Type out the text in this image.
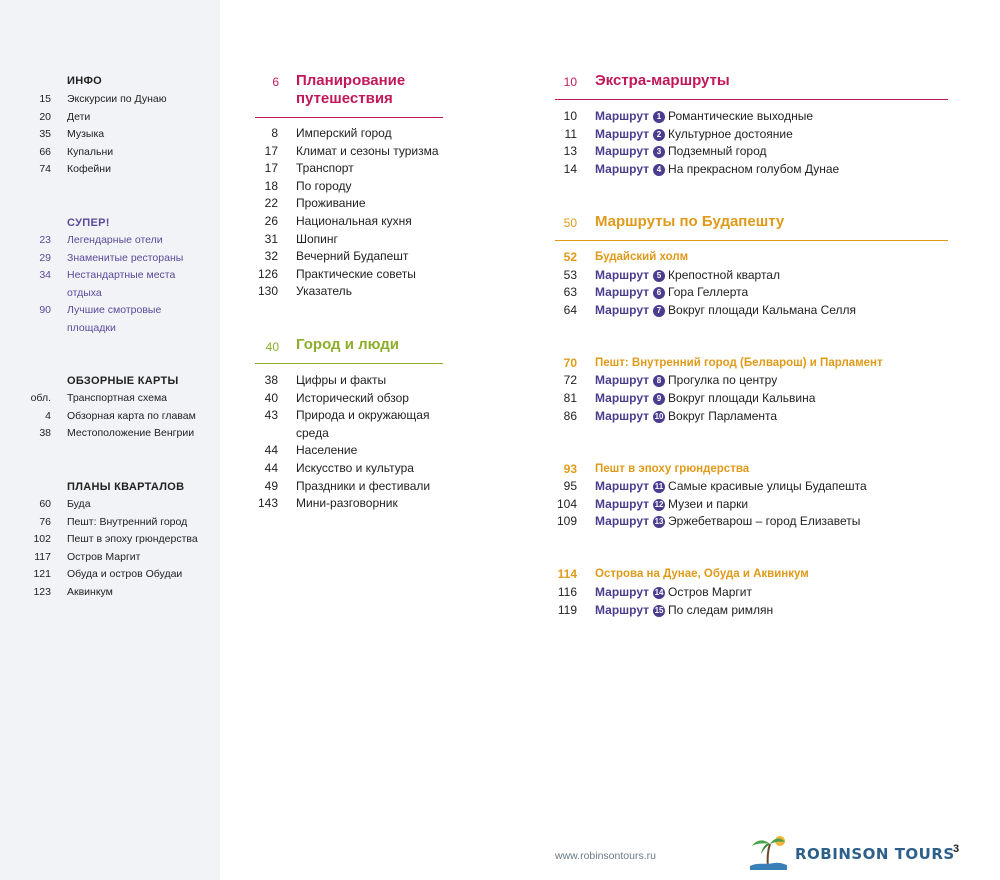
ИНФО
15 Экскурсии по Дунаю
20 Дети
35 Музыка
66 Купальни
74 Кофейни
СУПЕР!
23 Легендарные отели
29 Знаменитые рестораны
34 Нестандартные места отдыха
90 Лучшие смотровые площадки
ОБЗОРНЫЕ КАРТЫ
обл. Транспортная схема
4 Обзорная карта по главам
38 Местоположение Венгрии
ПЛАНЫ КВАРТАЛОВ
60 Буда
76 Пешт: Внутренний город
102 Пешт в эпоху грюндерства
117 Остров Маргит
121 Обуда и остров Обудаи
123 Аквинкум
6 Планирование путешествия
8 Имперский город
17 Климат и сезоны туризма
17 Транспорт
18 По городу
22 Проживание
26 Национальная кухня
31 Шопинг
32 Вечерний Будапешт
126 Практические советы
130 Указатель
40 Город и люди
38 Цифры и факты
40 Исторический обзор
43 Природа и окружающая
среда
44 Население
44 Искусство и культура
49 Праздники и фестивали
143 Мини-разговорник
10 Экстра-маршруты
10 Маршрут 1 Романтические выходные
11 Маршрут 2 Культурное достояние
13 Маршрут 3 Подземный город
14 Маршрут 4 На прекрасном голубом Дунае
50 Маршруты по Будапешту
52 Будайский холм
53 Маршрут 5 Крепостной квартал
63 Маршрут 6 Гора Геллерта
64 Маршрут 7 Вокруг площади Кальмана Селля
70 Пешт: Внутренний город (Белварош) и Парламент
72 Маршрут 8 Прогулка по центру
81 Маршрут 9 Вокруг площади Кальвина
86 Маршрут 10 Вокруг Парламента
93 Пешт в эпоху грюндерства
95 Маршрут 11 Самые красивые улицы Будапешта
104 Маршрут 12 Музеи и парки
109 Маршрут 13 Эржебетварош – город Елизаветы
114 Острова на Дунае, Обуда и Аквинкум
116 Маршрут 14 Остров Маргит
119 Маршрут 15 По следам римлян
www.robinsontours.ru	ROBINSON TOURS
3
